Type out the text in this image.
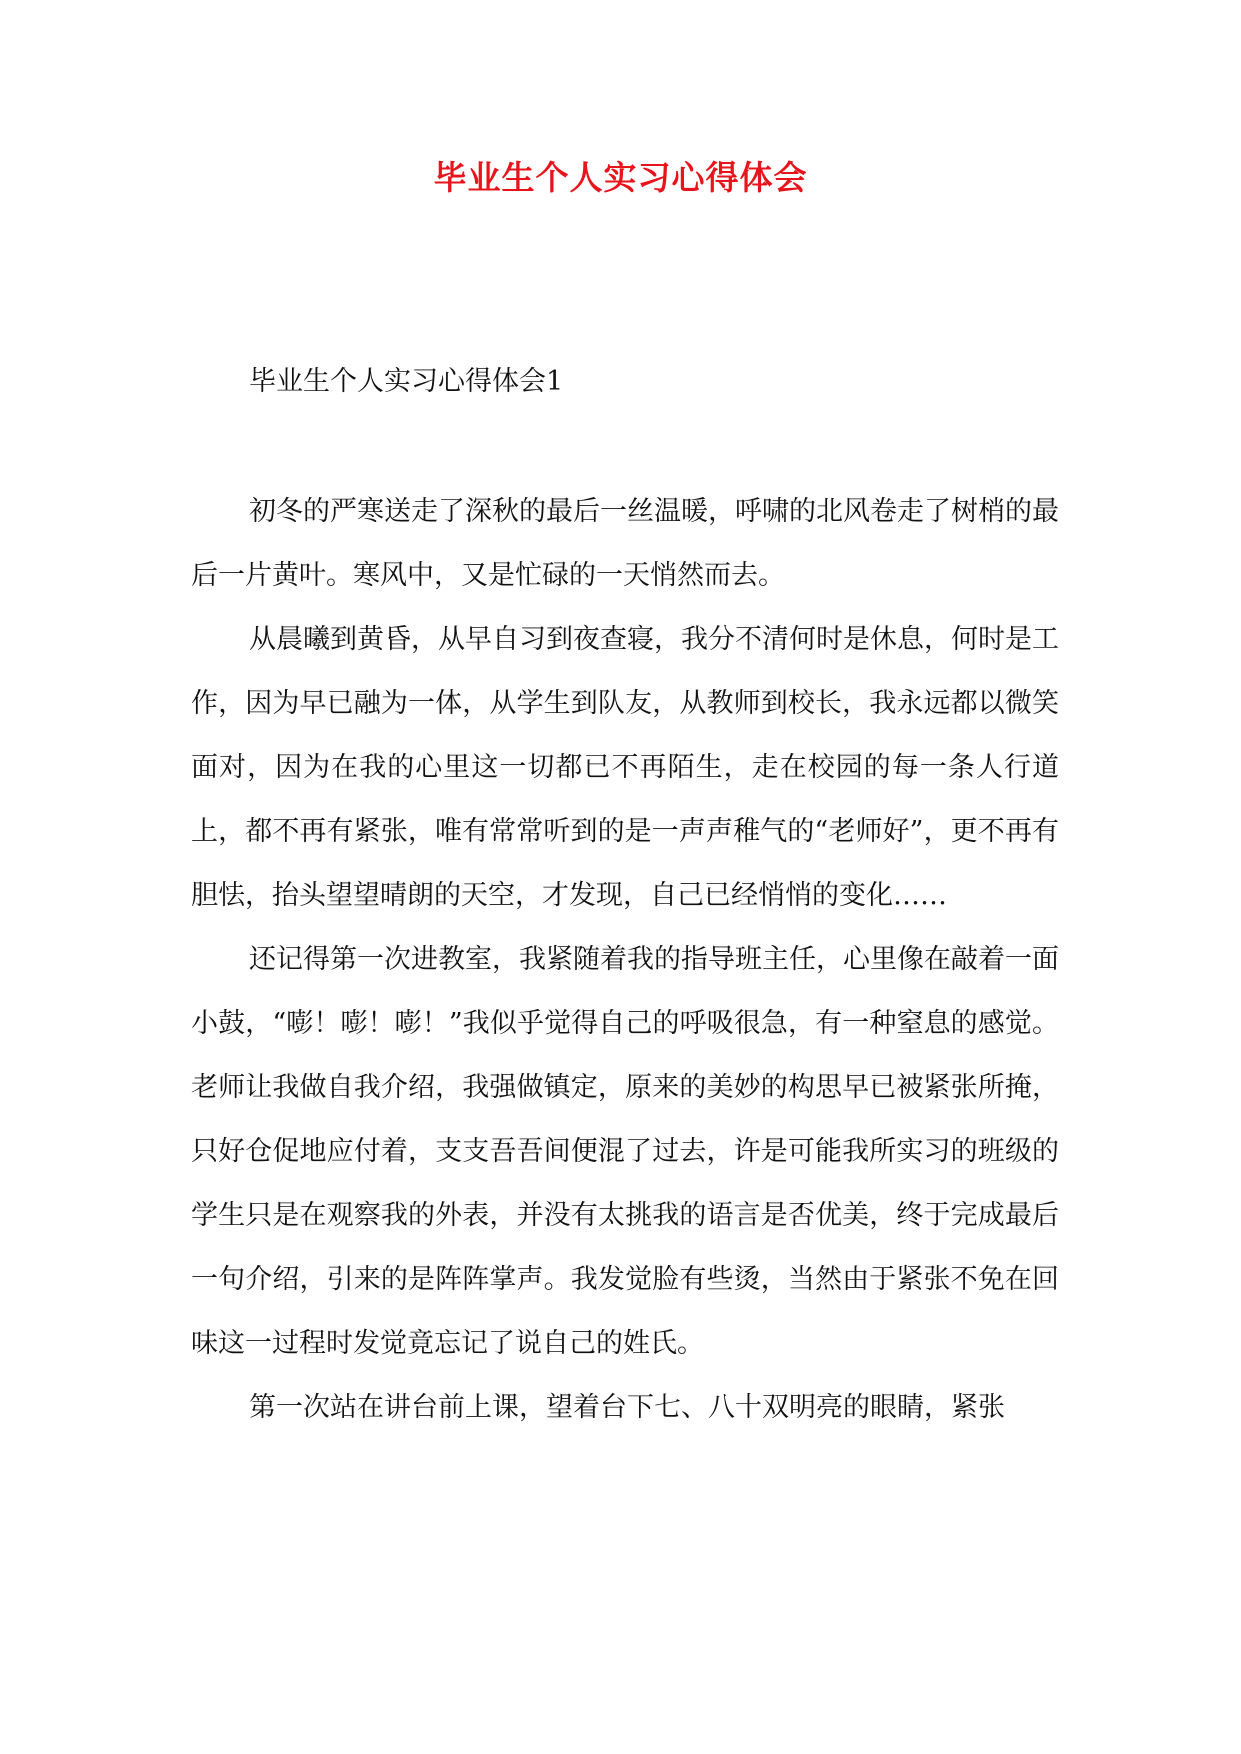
毕业生个人实习心得体会
毕业生个人实习心得体会1

初冬的严寒送走了深秋的最后一丝温暖，呼啸的北风卷走了树梢的最后一片黄叶。寒风中，又是忙碌的一天悄然而去。

从晨曦到黄昏，从早自习到夜查寝，我分不清何时是休息，何时是工作，因为早已融为一体，从学生到队友，从教师到校长，我永远都以微笑面对，因为在我的心里这一切都已不再陌生，走在校园的每一条人行道上，都不再有紧张，唯有常常听到的是一声声稚气的“老师好”，更不再有胆怯，抬头望望晴朗的天空，才发现，自己已经悄悄的变化……

还记得第一次进教室，我紧随着我的指导班主任，心里像在敲着一面小鼓，“嘭！嘭！嘭！”我似乎觉得自己的呼吸很急，有一种窒息的感觉。老师让我做自我介绍，我强做镇定，原来的美妙的构思早已被紧张所掩，只好仓促地应付着，支支吾吾间便混了过去，许是可能我所实习的班级的学生只是在观察我的外表，并没有太挑我的语言是否优美，终于完成最后一句介绍，引来的是阵阵掌声。我发觉脸有些烫，当然由于紧张不免在回味这一过程时发觉竟忘记了说自己的姓氏。

第一次站在讲台前上课，望着台下七、八十双明亮的眼睛，紧张
